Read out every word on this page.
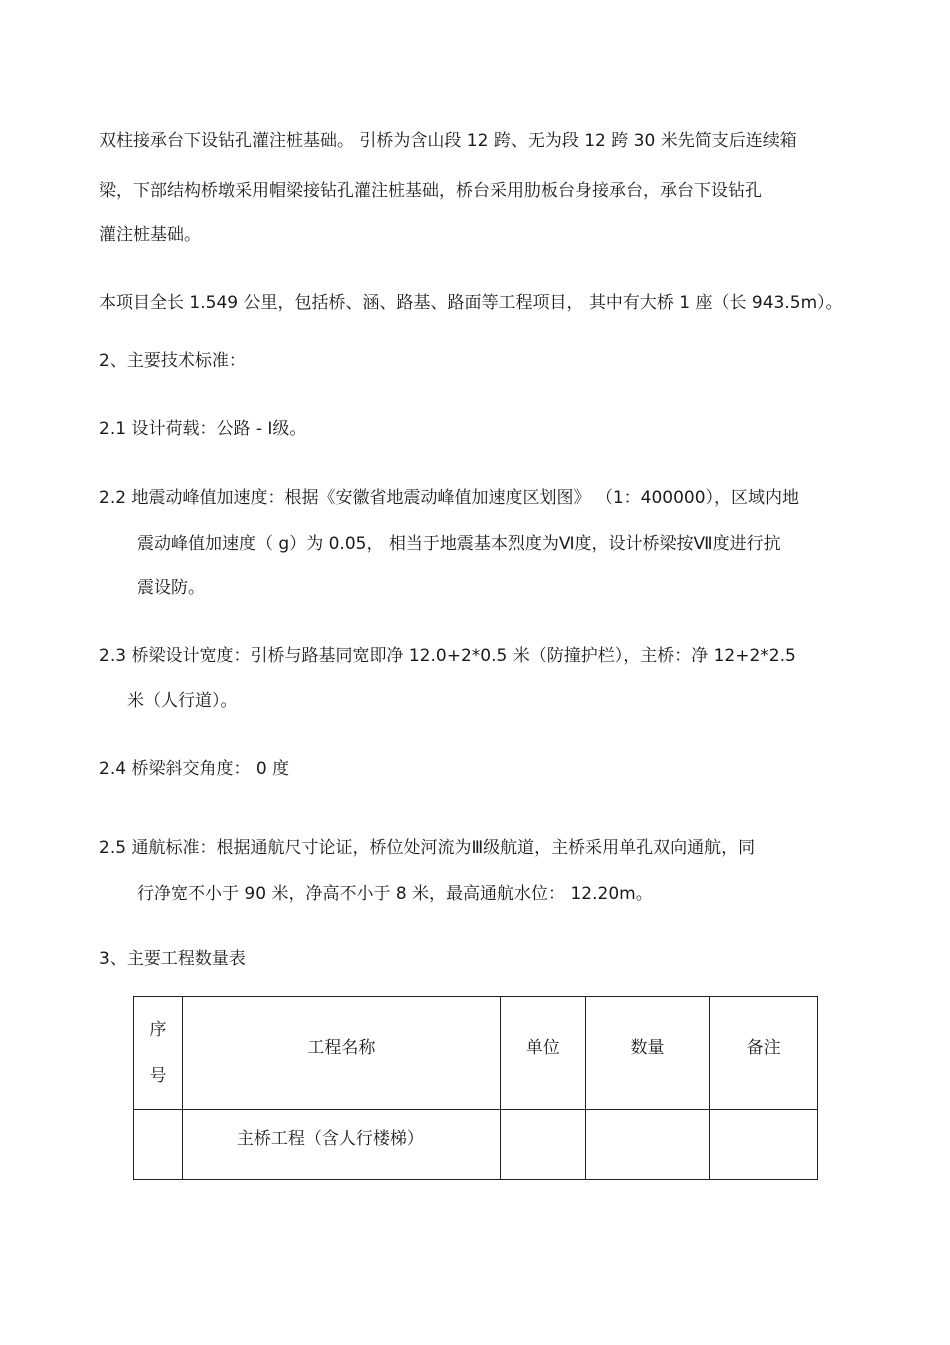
双柱接承台下设钻孔灌注桩基础。 引桥为含山段 12 跨、无为段 12 跨 30 米先简支后连续箱

梁，下部结构桥墩采用帽梁接钻孔灌注桩基础，桥台采用肋板台身接承台，承台下设钻孔

灌注桩基础。

本项目全长 1.549 公里，包括桥、涵、路基、路面等工程项目， 其中有大桥 1 座（长 943.5m）。

2、主要技术标准：

2.1 设计荷载：公路 - Ⅰ级。

2.2 地震动峰值加速度：根据《安徽省地震动峰值加速度区划图》 （1：400000），区域内地

震动峰值加速度（ g）为 0.05， 相当于地震基本烈度为Ⅵ度，设计桥梁按Ⅶ度进行抗

震设防。

2.3 桥梁设计宽度：引桥与路基同宽即净 12.0+2*0.5 米（防撞护栏），主桥：净 12+2*2.5

米（人行道）。

2.4 桥梁斜交角度： 0 度

2.5 通航标准：根据通航尺寸论证，桥位处河流为Ⅲ级航道，主桥采用单孔双向通航，同

行净宽不小于 90 米，净高不小于 8 米，最高通航水位： 12.20m。

3、主要工程数量表

序
号	工程名称	单位	数量	备注
	主桥工程（含人行楼梯）			
